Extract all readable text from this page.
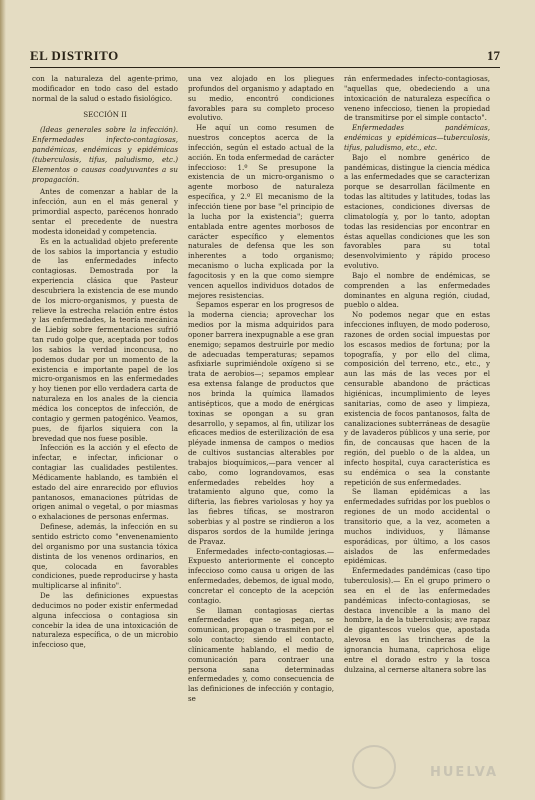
EL DISTRITO	17

con la naturaleza del agente-primo, modificador en todo caso del estado normal de la salud o estado fisiológico.

SECCIÓN II

(Ideas generales sobre la infección). Enfermedades infecto-contagiosas, pandémicas, endémicas y epidémicas (tuberculosis, tifus, paludismo, etc.) Elementos o causas coadyuvantes a su propagación.

Antes de comenzar a hablar de la infección, aun en el más general y primordial aspecto, parécenos honrado sentar el precedente de nuestra modesta idoneidad y competencia.

Es en la actualidad objeto preferente de los sabios la importancia y estudio de las enfermedades infecto contagiosas. Demostrada por la experiencia clásica que Pasteur descubriera la existencia de ese mundo de los micro-organismos, y puesta de relieve la estrecha relación entre éstos y las enfermedades, la teoría mecánica de Liebig sobre fermentaciones sufrió tan rudo golpe que, aceptada por todos los sabios la verdad inconcusa, no podemos dudar por un momento de la existencia e importante papel de los micro-organismos en las enfermedades y hoy tienen por ello verdadera carta de naturaleza en los anales de la ciencia médica los conceptos de infección, de contagio y germen patogénico. Veamos, pues, de fijarlos siquiera con la brevedad que nos fuese posible.

Infección es la acción y el efecto de infectar, e infectar, inficionar o contagiar las cualidades pestilentes. Médicamente hablando, es también el estado del aire enrarecido por efluvios pantanosos, emanaciones pútridas de origen animal o vegetal, o por miasmas o exhalaciones de personas enfermas.

Definese, además, la infección en su sentido estricto como "envenenamiento del organismo por una sustancia tóxica distinta de los venenos ordinarios, en que, colocada en favorables condiciones, puede reproducirse y hasta multiplicarse al infinito".

De las definiciones expuestas deducimos no poder existir enfermedad alguna infecciosa o contagiosa sin concebir la idea de una intoxicación de naturaleza específica, o de un microbio infeccioso que,

una vez alojado en los pliegues profundos del organismo y adaptado en su medio, encontró condiciones favorables para su completo proceso evolutivo.

He aquí un como resumen de nuestros conceptos acerca de la infección, según el estado actual de la acción. En toda enfermedad de carácter infeccioso: 1.º Se presupone la existencia de un micro-organismo o agente morboso de naturaleza específica, y 2.º El mecanismo de la infección tiene por base "el principio de la lucha por la existencia"; guerra entablada entre agentes morbosos de carácter específico y elementos naturales de defensa que les son inherentes a todo organismo; mecanismo o lucha explicada por la fagocitosis y en la que como siempre vencen aquellos individuos dotados de mejores resistencias.

Sepamos esperar en los progresos de la moderna ciencia; aprovechar los medios por la misma adquiridos para oponer barrera inexpugnable a ese gran enemigo; sepamos destruirle por medio de adecuadas temperaturas; sepamos asfixiarle suprimiéndole oxígeno si se trata de aerobios—; sepamos emplear esa extensa falange de productos que nos brinda la química llamados antisépticos, que a modo de enérgicas toxinas se opongan a su gran desarrollo, y sepamos, al fin, utilizar los eficaces medios de esterilización de esa pléyade inmensa de campos o medios de cultivos sustancias alterables por trabajos bioquímicos,—para vencer al cabo, como lograndovamos, esas enfermedades rebeldes hoy a tratamiento alguno que, como la difteria, las fiebres variolosas y hoy ya las fiebres tíficas, se mostraron soberbias y al postre se rindieron a los disparos sordos de la humilde jeringa de Pravaz.

Enfermedades infecto-contagiosas.— Expuesto anteriormente el concepto infeccioso como causa u origen de las enfermedades, debemos, de igual modo, concretar el concepto de la acepción contagio.

Se llaman contagiosas ciertas enfermedades que se pegan, se comunican, propagan o trasmiten por el solo contacto; siendo el contacto, clínicamente hablando, el medio de comunicación para contraer una persona sana determinadas enfermedades y, como consecuencia de las definiciones de infección y contagio, se

rán enfermedades infecto-contagiosas, "aquellas que, obedeciendo a una intoxicación de naturaleza específica o veneno infeccioso, tienen la propiedad de transmitirse por el simple contacto".

Enfermedades pandémicas, endémicas y epidémicas—tuberculosis, tifus, paludismo, etc., etc.

Bajo el nombre genérico de pandémicas, distingue la ciencia médica a las enfermedades que se caracterizan porque se desarrollan fácilmente en todas las altitudes y latitudes, todas las estaciones, condiciones diversas de climatología y, por lo tanto, adoptan todas las residencias por encontrar en éstas aquellas condiciones que les son favorables para su total desenvolvimiento y rápido proceso evolutivo.

Bajo el nombre de endémicas, se comprenden a las enfermedades dominantes en alguna región, ciudad, pueblo o aldea.

No podemos negar que en estas infecciones influyen, de modo poderoso, razones de orden social impuestas por los escasos medios de fortuna; por la topografía, y por ello del clima, composición del terreno, etc., etc., y aun las más de las veces por el censurable abandono de prácticas higiénicas, incumplimiento de leyes sanitarias, como de aseo y limpieza, existencia de focos pantanosos, falta de canalizaciones subterráneas de desagüe y de lavaderos públicos y una serie, por fin, de concausas que hacen de la región, del pueblo o de la aldea, un infecto hospital, cuya característica es su endémica o sea la constante repetición de sus enfermedades.

Se llaman epidémicas a las enfermedades sufridas por los pueblos o regiones de un modo accidental o transitorio que, a la vez, acometen a muchos individuos, y llámanse esporádicas, por último, a los casos aislados de las enfermedades epidémicas.

Enfermedades pandémicas (caso tipo tuberculosis).— En el grupo primero o sea en el de las enfermedades pandémicas infecto-contagiosas, se destaca invencible a la mano del hombre, la de la tuberculosis; ave rapaz de gigantescos vuelos que, apostada alevosa en las trincheras de la ignorancia humana, caprichosa elige entre el dorado estro y la tosca dulzaina, al cernerse altanera sobre las

HUELVA
